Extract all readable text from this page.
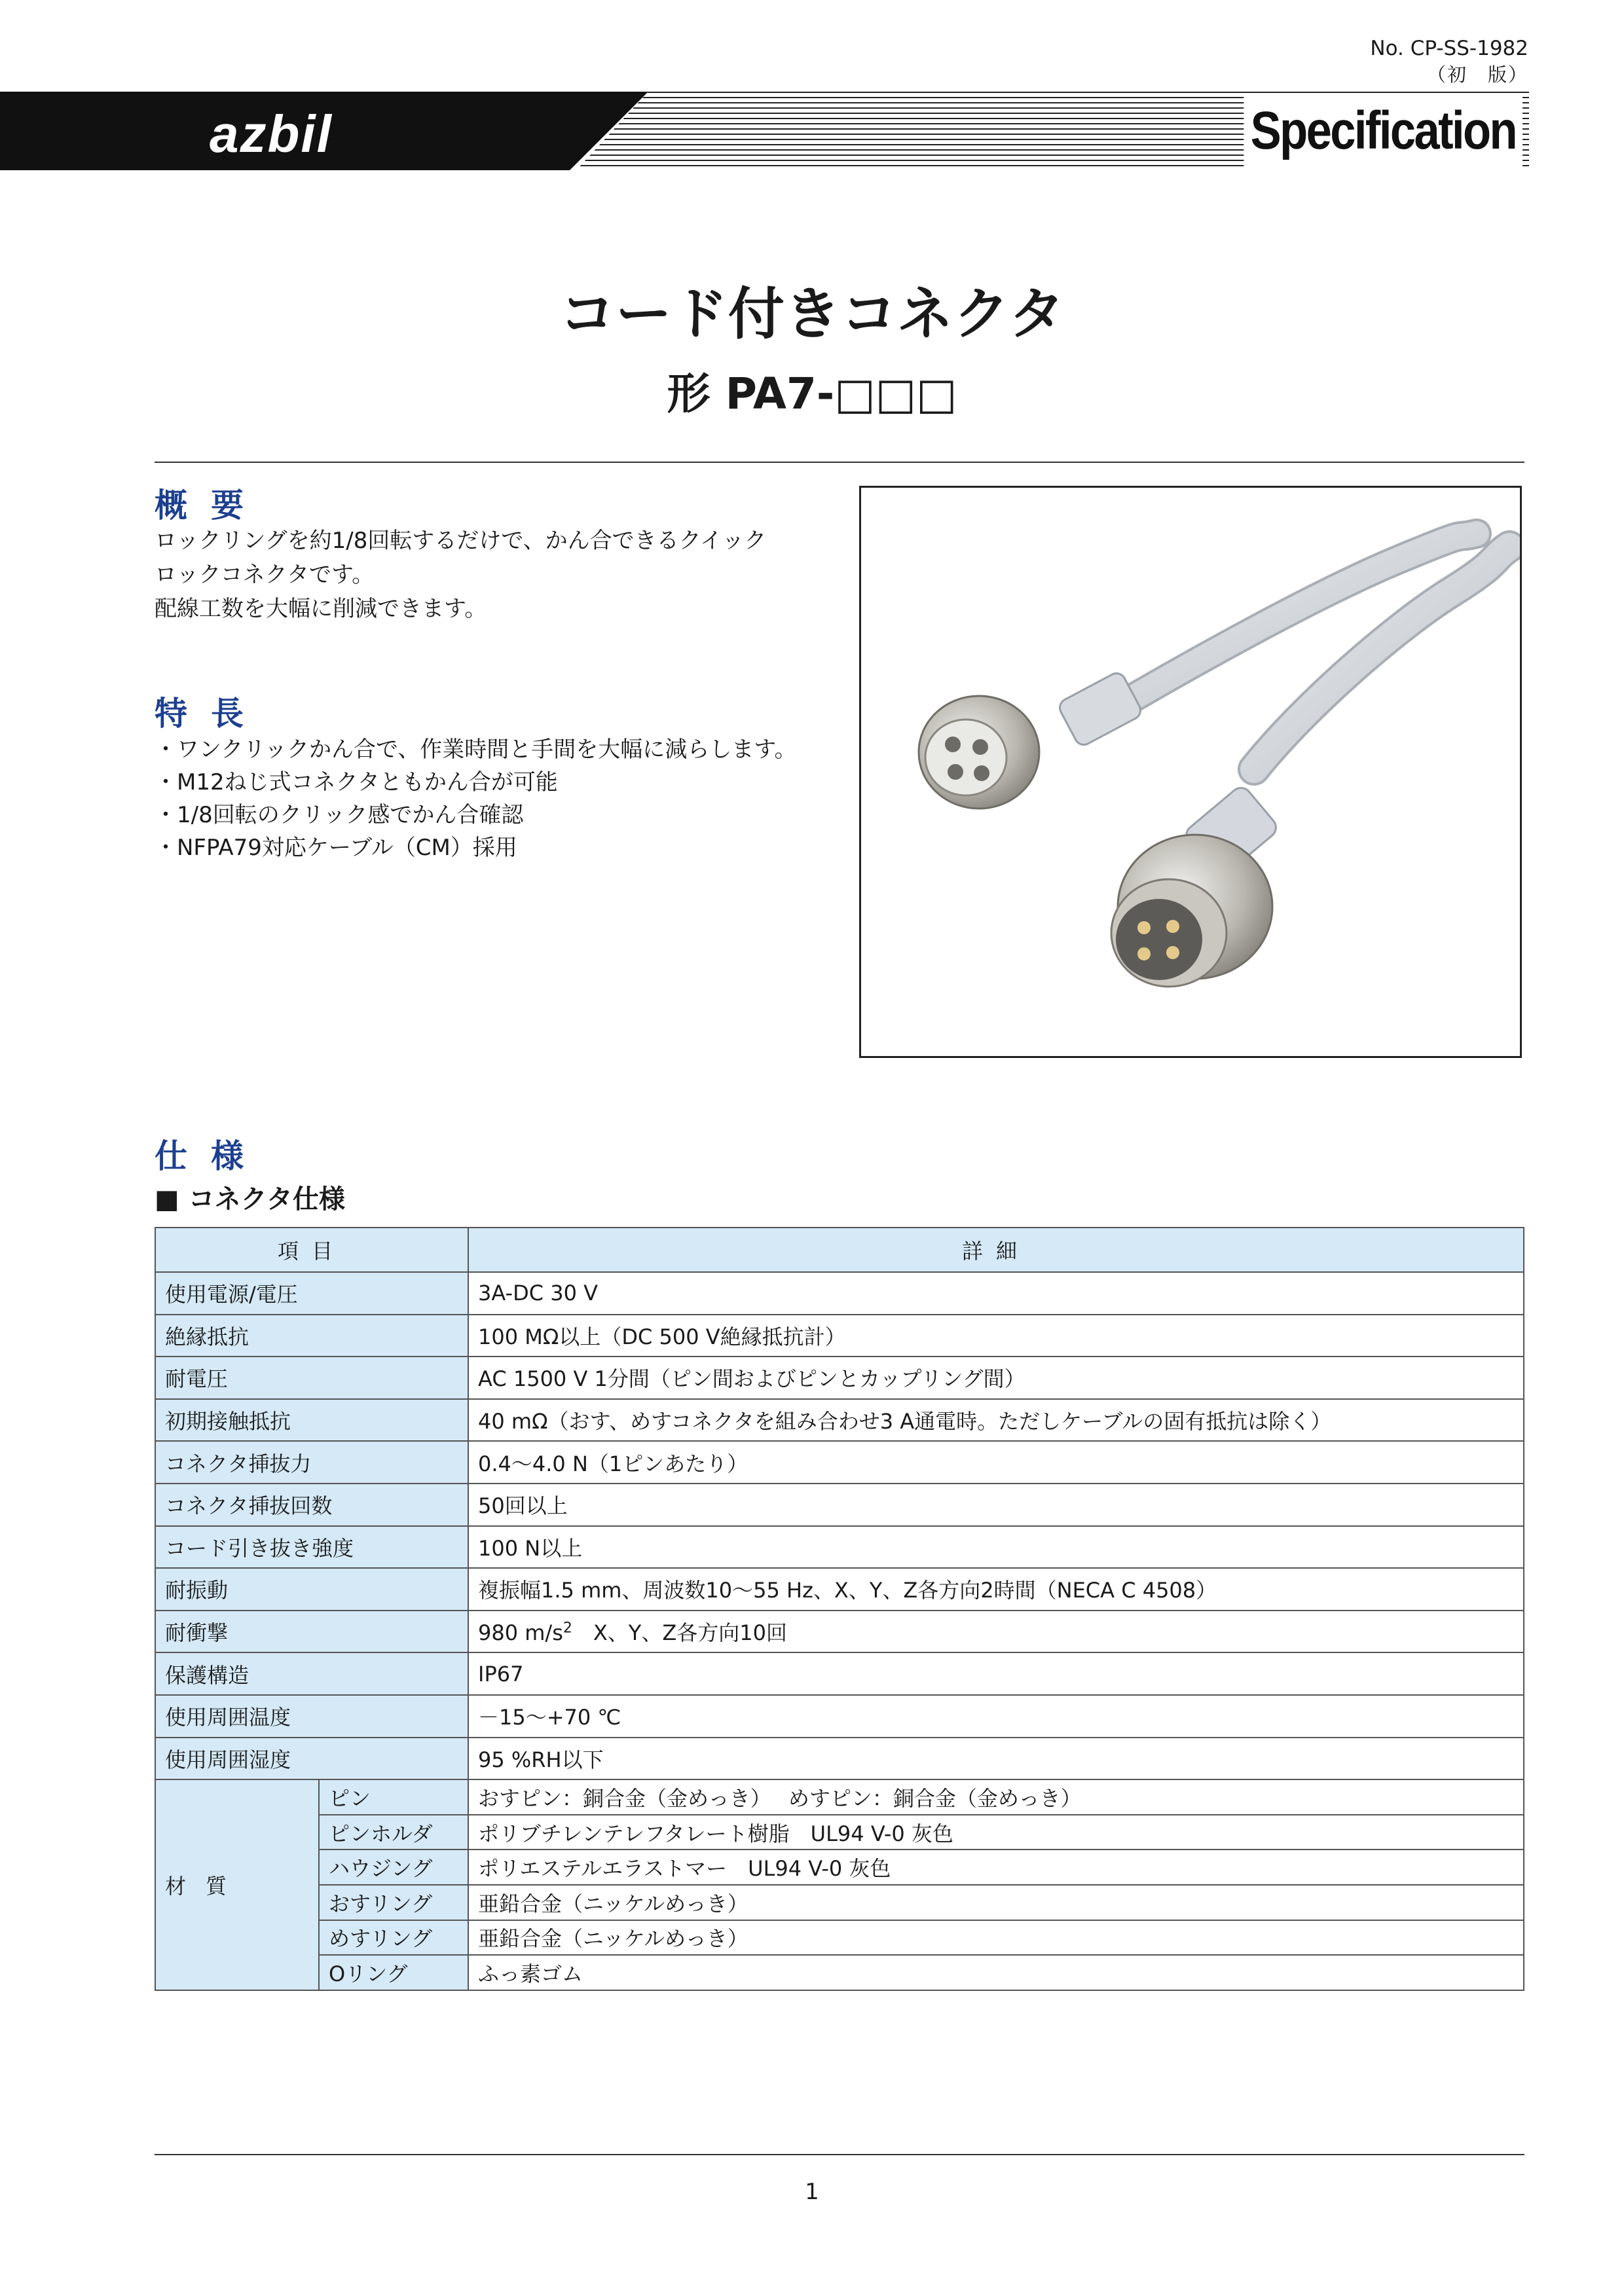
No. CP-SS-1982
（初　版）
azbil	Specification
コード付きコネクタ
形 PA7-□□□
概要
ロックリングを約1/8回転するだけで、かん合できるクイック
ロックコネクタです。
配線工数を大幅に削減できます。
特長
・ ワンクリックかん合で、作業時間と手間を大幅に減らします。
・ M12ねじ式コネクタともかん合が可能
・ 1/8回転のクリック感でかん合確認
・ NFPA79対応ケーブル（CM）採用
仕様
■ コネクタ仕様
項目		詳細
使用電源/電圧		3A-DC 30 V
絶縁抵抗		100 MΩ以上（DC 500 V絶縁抵抗計）
耐電圧		AC 1500 V 1分間（ピン間およびピンとカップリング間）
初期接触抵抗		40 mΩ（おす、めすコネクタを組み合わせ3 A通電時。ただしケーブルの固有抵抗は除く）
コネクタ挿抜力		0.4〜4.0 N（1ピンあたり）
コネクタ挿抜回数		50回以上
コード引き抜き強度		100 N以上
耐振動		複振幅1.5 mm、周波数10〜55 Hz、X、Y、Z各方向2時間（NECA C 4508）
耐衝撃		980 $m/s^2$　X、Y、Z各方向10回
保護構造		IP67
使用周囲温度		－15〜+70 ℃
使用周囲湿度		95 %RH以下
材質	ピン	おすピン：銅合金（金めっき）　 めすピン：銅合金（金めっき）
	ピンホルダ	ポリブチレンテレフタレート樹脂　UL94 V-0 灰色
	ハウジング	ポリエステルエラストマー　UL94 V-0 灰色
	おすリング	亜鉛合金（ニッケルめっき）
	めすリング	亜鉛合金（ニッケルめっき）
	Oリング	ふっ素ゴム
1
